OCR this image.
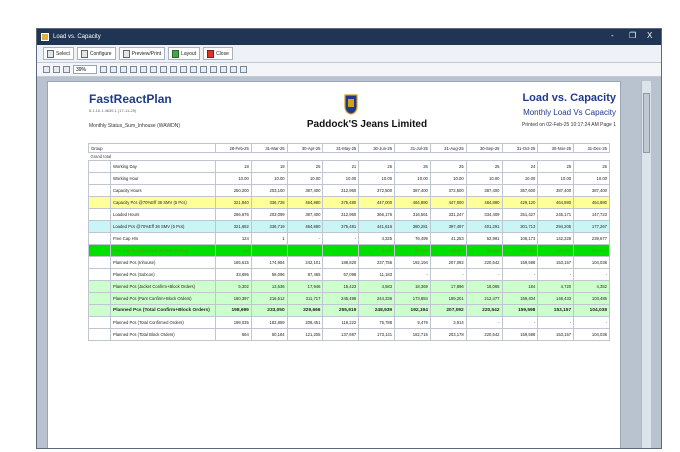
Load vs. Capacity	- ❐ X
Select	Configure	Preview/Print	Layout	Close
39%
FastReactPlan
8.1.16.1.4635.1 (17-11-25)
Monthly Status_Sum_Inhouse (WAWDN)	Paddock'S Jeans Limited
Load vs. Capacity
Monthly Load Vs Capacity
Printed on 02-Feb-25 10:17:24 AM Page 1
Group		28-Feb-25	31-Mar-25	30-Apr-25	31-May-25	30-Jun-25	31-Jul-25	31-Aug-25	30-Sep-25	31-Oct-25	30-Nov-25	31-Dec-25
Grand total												
	Working Day	18	19	25	21	25	26	25	25	24	25	25
	Working Hour	10.00	10.00	10.00	10.00	10.00	10.00	10.00	10.00	10.00	10.00	10.00
	Capacity Hours	250,200	203,100	387,400	312,960	372,500	387,400	372,500	387,400	357,600	387,400	387,400
	Capacity Pcs @70%Eff 36 SMV (5 Pcs)	321,840	336,728	464,880	375,480	447,000	464,880	447,000	464,880	429,120	464,880	464,880
	Loaded Hours	266,676	203,099	387,400	312,960	366,176	316,561	331,247	334,409	251,427	245,171	147,723
	Loaded Pcs @70%Eff 36 SMV (5 Pcs)	321,682	336,719	464,880	375,481	441,616	380,281	397,497	401,291	301,713	294,205	177,267
	Free Cap Hrs	124	1	-	-	4,325	76,499	41,253	52,991	106,173	142,228	239,677
	Free Cap Pcs @70%Eff 36 SMV (5 Pcs)	148	1	-	-	5,190	84,999	49,503	63,589	127,407	170,675	287,613
	Planned Pcs (Inhouse)	165,615	174,954	242,101	188,820	237,756	192,194	207,092	220,542	159,598	153,157	104,038
	Planned Pcs (Subcon)	33,695	58,096	87,465	67,098	11,183	-	-	-	-	-	-
	Planned Pcs (Jacket Confirm+Block Orders)	5,302	13,536	17,946	18,423	4,583	18,369	17,896	18,065	184	4,720	4,352
	Planned Pcs (Pant Confirm+Block Orders)	160,397	216,512	311,717	245,496	244,336	173,884	189,201	212,477	159,404	148,433	103,486
	Planned Pcs (Total Confirm+Block Orders)	198,699	233,050	329,666	255,919	248,939	192,194	207,092	220,542	159,598	153,157	104,038
	Planned Pcs (Total Confirmed Orders)	198,035	182,859	208,451	118,222	75,788	9,479	3,914	-	-	-	-
	Planned Pcs (Total Block Orders)	664	50,184	121,205	137,697	173,141	182,715	203,178	220,542	159,598	153,157	104,038
